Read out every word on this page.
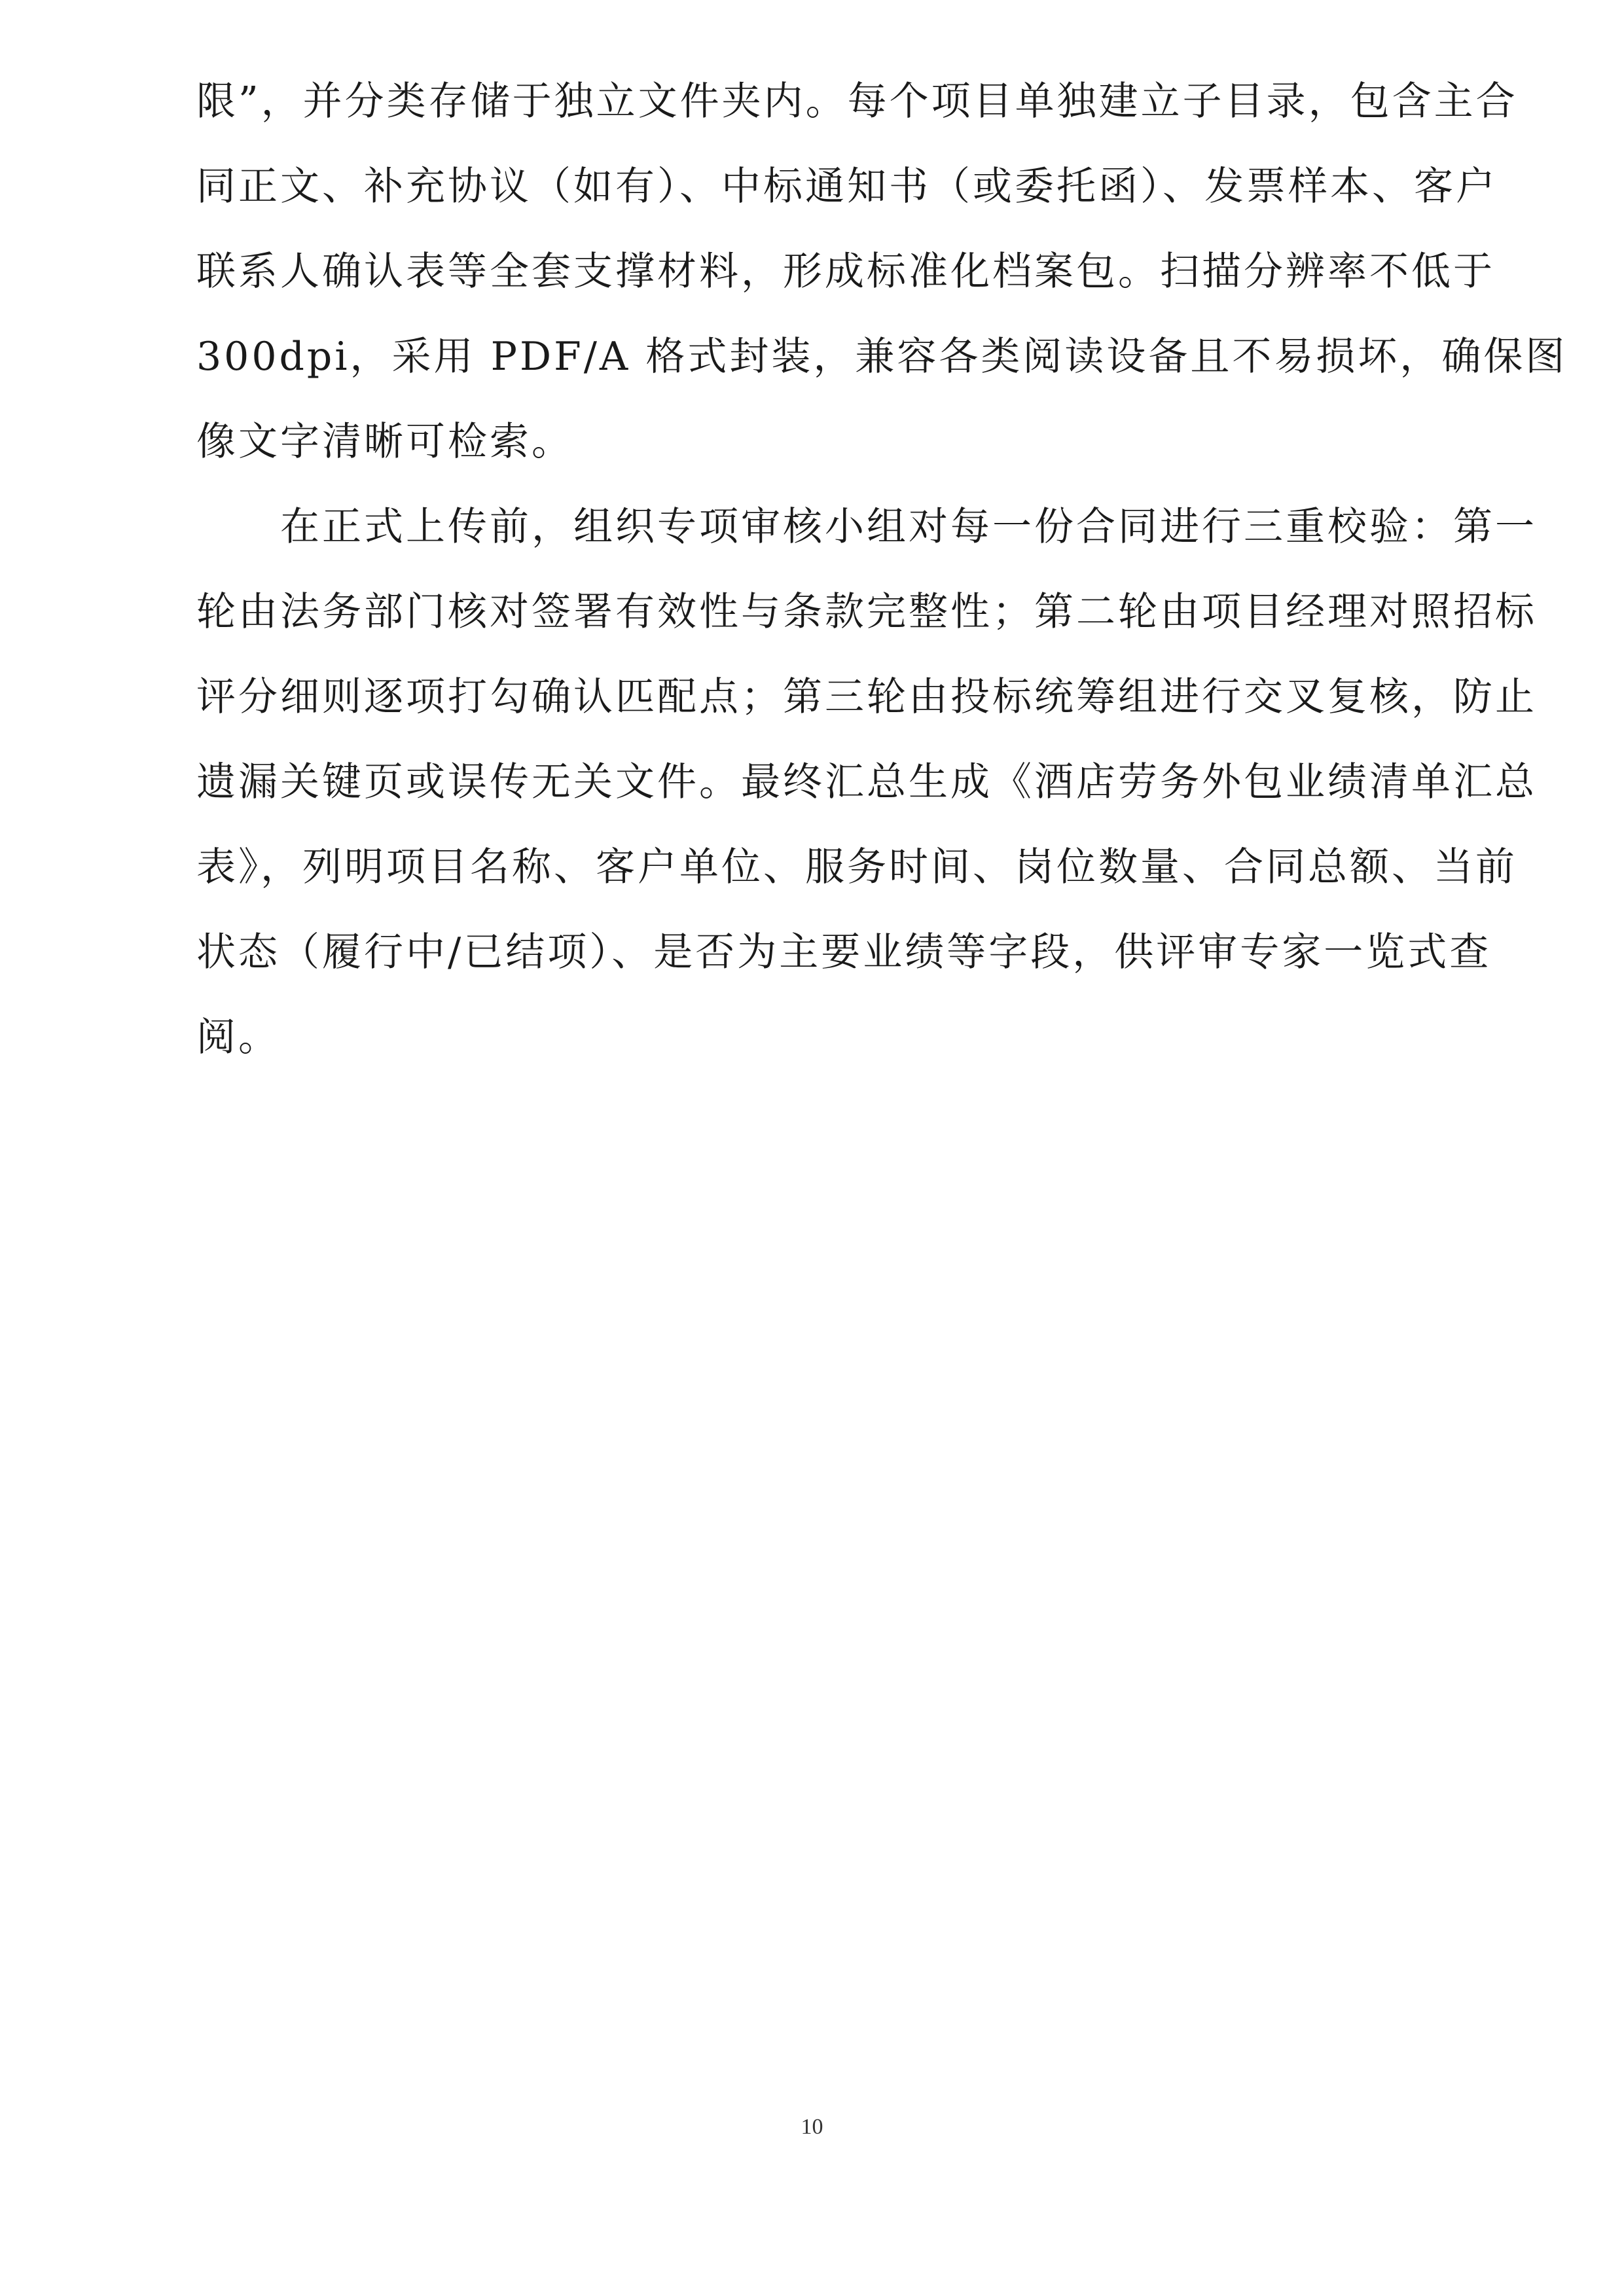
限”，并分类存储于独立文件夹内。每个项目单独建立子目录，包含主合
同正文、补充协议（如有）、中标通知书（或委托函）、发票样本、客户
联系人确认表等全套支撑材料，形成标准化档案包。扫描分辨率不低于
300dpi，采用 PDF/A 格式封装，兼容各类阅读设备且不易损坏，确保图
像文字清晰可检索。
　　在正式上传前，组织专项审核小组对每一份合同进行三重校验：第一
轮由法务部门核对签署有效性与条款完整性；第二轮由项目经理对照招标
评分细则逐项打勾确认匹配点；第三轮由投标统筹组进行交叉复核，防止
遗漏关键页或误传无关文件。最终汇总生成《酒店劳务外包业绩清单汇总
表》，列明项目名称、客户单位、服务时间、岗位数量、合同总额、当前
状态（履行中/已结项）、是否为主要业绩等字段，供评审专家一览式查
阅。
10
